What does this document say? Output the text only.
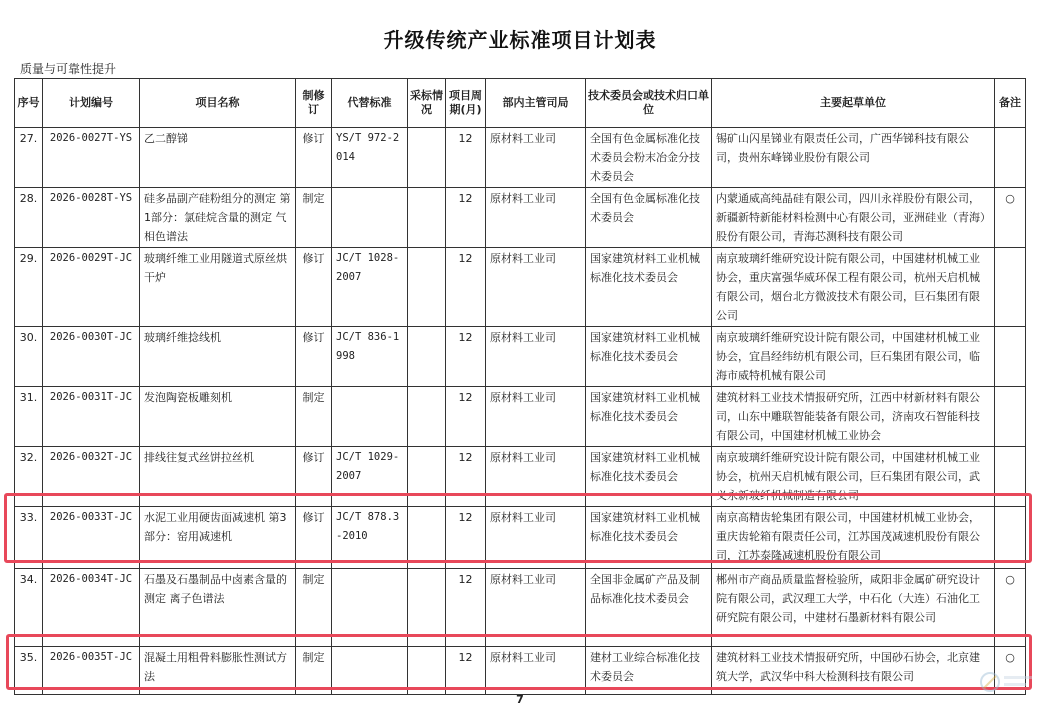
升级传统产业标准项目计划表
质量与可靠性提升
序号	计划编号	项目名称	制修订	代替标准	采标情况	项目周期(月)	部内主管司局	技术委员会或技术归口单位	主要起草单位	备注
27.	2026-0027T-YS	乙二醇锑	修订	YS/T 972-2014		12	原材料工业司	全国有色金属标准化技术委员会粉末冶金分技术委员会	锡矿山闪星锑业有限责任公司，广西华锑科技有限公司，贵州东峰锑业股份有限公司	
28.	2026-0028T-YS	硅多晶副产硅粉组分的测定 第1部分：氯硅烷含量的测定 气相色谱法	制定			12	原材料工业司	全国有色金属标准化技术委员会	内蒙通威高纯晶硅有限公司，四川永祥股份有限公司，新疆新特新能材料检测中心有限公司，亚洲硅业（青海）股份有限公司，青海芯测科技有限公司	○
29.	2026-0029T-JC	玻璃纤维工业用隧道式原丝烘干炉	修订	JC/T 1028-2007		12	原材料工业司	国家建筑材料工业机械标准化技术委员会	南京玻璃纤维研究设计院有限公司，中国建材机械工业协会，重庆富强华威环保工程有限公司，杭州天启机械有限公司，烟台北方微波技术有限公司，巨石集团有限公司	
30.	2026-0030T-JC	玻璃纤维捻线机	修订	JC/T 836-1998		12	原材料工业司	国家建筑材料工业机械标准化技术委员会	南京玻璃纤维研究设计院有限公司，中国建材机械工业协会，宜昌经纬纺机有限公司，巨石集团有限公司，临海市威特机械有限公司	
31.	2026-0031T-JC	发泡陶瓷板雕刻机	制定			12	原材料工业司	国家建筑材料工业机械标准化技术委员会	建筑材料工业技术情报研究所，江西中材新材料有限公司，山东中雕联智能装备有限公司，济南攻石智能科技有限公司，中国建材机械工业协会	
32.	2026-0032T-JC	排线往复式丝饼拉丝机	修订	JC/T 1029-2007		12	原材料工业司	国家建筑材料工业机械标准化技术委员会	南京玻璃纤维研究设计院有限公司，中国建材机械工业协会，杭州天启机械有限公司，巨石集团有限公司，武义永新玻纤机械制造有限公司	
33.	2026-0033T-JC	水泥工业用硬齿面减速机 第3部分：窑用减速机	修订	JC/T 878.3-2010		12	原材料工业司	国家建筑材料工业机械标准化技术委员会	南京高精齿轮集团有限公司，中国建材机械工业协会，重庆齿轮箱有限责任公司，江苏国茂减速机股份有限公司，江苏泰隆减速机股份有限公司	
34.	2026-0034T-JC	石墨及石墨制品中卤素含量的测定 离子色谱法	制定			12	原材料工业司	全国非金属矿产品及制品标准化技术委员会	郴州市产商品质量监督检验所，咸阳非金属矿研究设计院有限公司，武汉理工大学，中石化（大连）石油化工研究院有限公司，中建材石墨新材料有限公司	○
35.	2026-0035T-JC	混凝土用粗骨料膨胀性测试方法	制定			12	原材料工业司	建材工业综合标准化技术委员会	建筑材料工业技术情报研究所，中国砂石协会，北京建筑大学，武汉华中科大检测科技有限公司	○
7
